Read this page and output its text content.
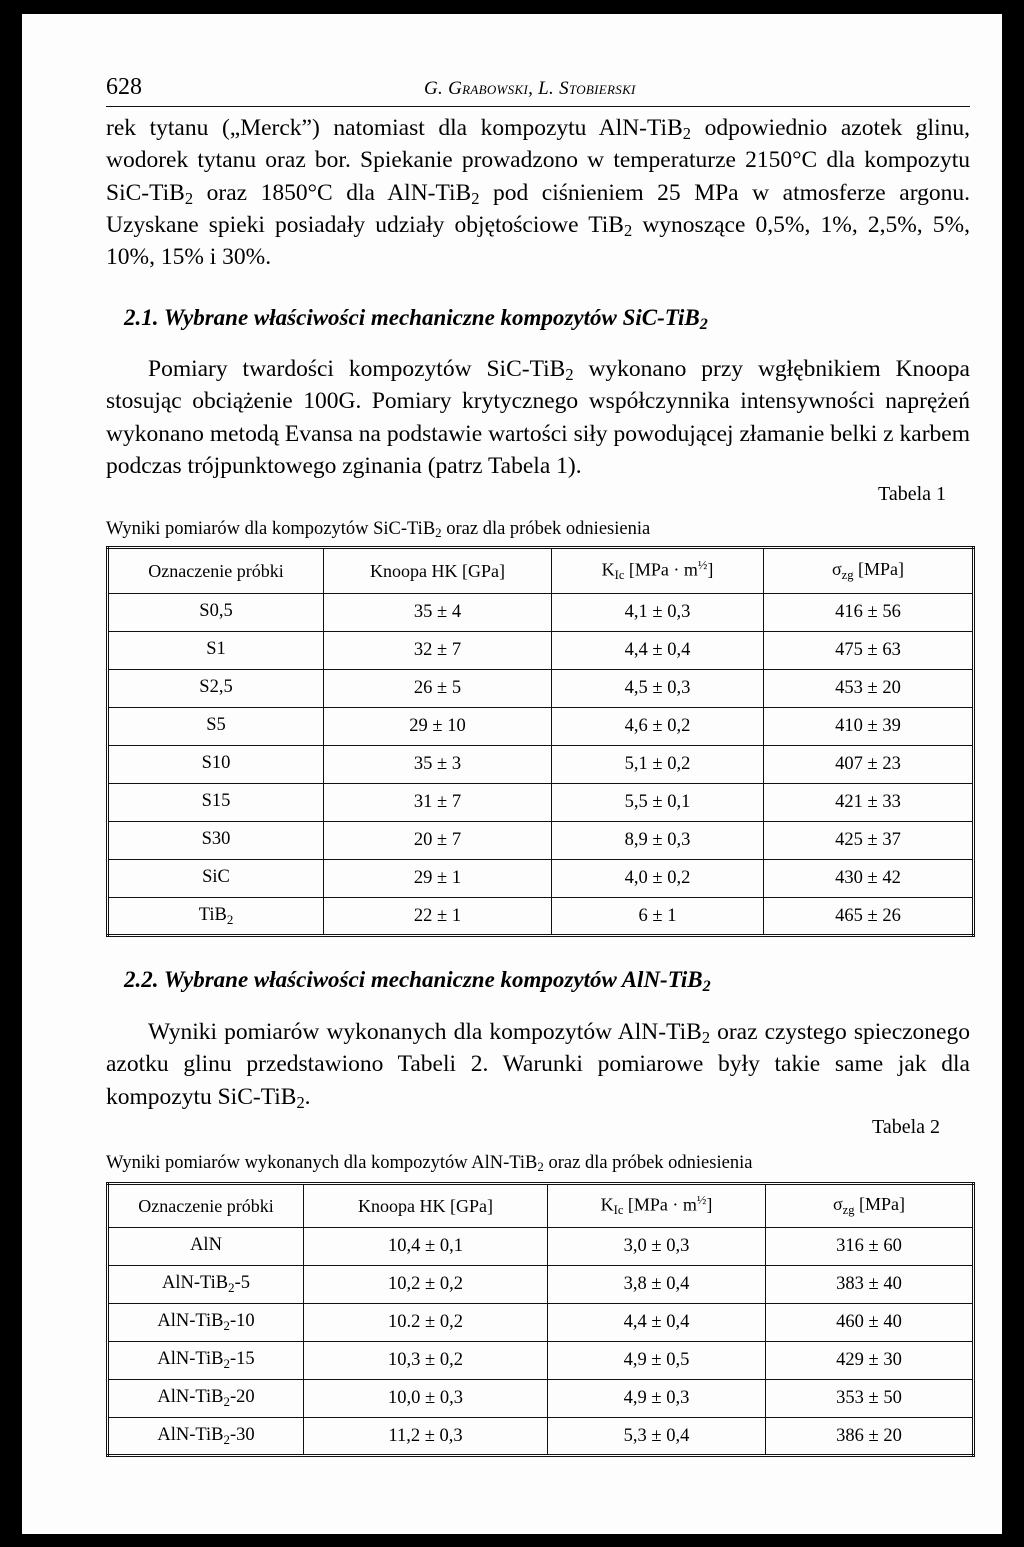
628	G. Grabowski, L. Stobierski

rek tytanu („Merck”) natomiast dla kompozytu AlN-TiB$_2$ odpowiednio azotek glinu, wodorek tytanu oraz bor. Spiekanie prowadzono w temperaturze 2150°C dla kompozytu SiC-TiB$_2$ oraz 1850°C dla AlN-TiB$_2$ pod ciśnieniem 25 MPa w atmosferze argonu. Uzyskane spieki posiadały udziały objętościowe TiB$_2$ wynoszące 0,5%, 1%, 2,5%, 5%, 10%, 15% i 30%.

2.1. Wybrane właściwości mechaniczne kompozytów SiC-TiB$_2$

Pomiary twardości kompozytów SiC-TiB$_2$ wykonano przy wgłębnikiem Knoopa stosując obciążenie 100G. Pomiary krytycznego współczynnika intensywności naprężeń wykonano metodą Evansa na podstawie wartości siły powodującej złamanie belki z karbem podczas trójpunktowego zginania (patrz Tabela 1).

Tabela 1
Wyniki pomiarów dla kompozytów SiC-TiB$_2$ oraz dla próbek odniesienia
Oznaczenie próbki	Knoopa HK [GPa]	$K_{Ic}$ $[MPa \cdot m^{\frac{1}{2}}]$	$\sigma_{zg}$ [MPa]
S0,5	35 ± 4	4,1 ± 0,3	416 ± 56
S1	32 ± 7	4,4 ± 0,4	475 ± 63
S2,5	26 ± 5	4,5 ± 0,3	453 ± 20
S5	29 ± 10	4,6 ± 0,2	410 ± 39
S10	35 ± 3	5,1 ± 0,2	407 ± 23
S15	31 ± 7	5,5 ± 0,1	421 ± 33
S30	20 ± 7	8,9 ± 0,3	425 ± 37
SiC	29 ± 1	4,0 ± 0,2	430 ± 42
TiB$_2$	22 ± 1	6 ± 1	465 ± 26
2.2. Wybrane właściwości mechaniczne kompozytów AlN-TiB$_2$

Wyniki pomiarów wykonanych dla kompozytów AlN-TiB$_2$ oraz czystego spieczonego azotku glinu przedstawiono Tabeli 2. Warunki pomiarowe były takie same jak dla kompozytu SiC-TiB$_2$.

Tabela 2
Wyniki pomiarów wykonanych dla kompozytów AlN-TiB$_2$ oraz dla próbek odniesienia
Oznaczenie próbki	Knoopa HK [GPa]	$K_{Ic}$ $[MPa \cdot m^{\frac{1}{2}}]$	$\sigma_{zg}$ [MPa]
AlN	10,4 ± 0,1	3,0 ± 0,3	316 ± 60
AlN-TiB$_2$-5	10,2 ± 0,2	3,8 ± 0,4	383 ± 40
AlN-TiB$_2$-10	10.2 ± 0,2	4,4 ± 0,4	460 ± 40
AlN-TiB$_2$-15	10,3 ± 0,2	4,9 ± 0,5	429 ± 30
AlN-TiB$_2$-20	10,0 ± 0,3	4,9 ± 0,3	353 ± 50
AlN-TiB$_2$-30	11,2 ± 0,3	5,3 ± 0,4	386 ± 20
